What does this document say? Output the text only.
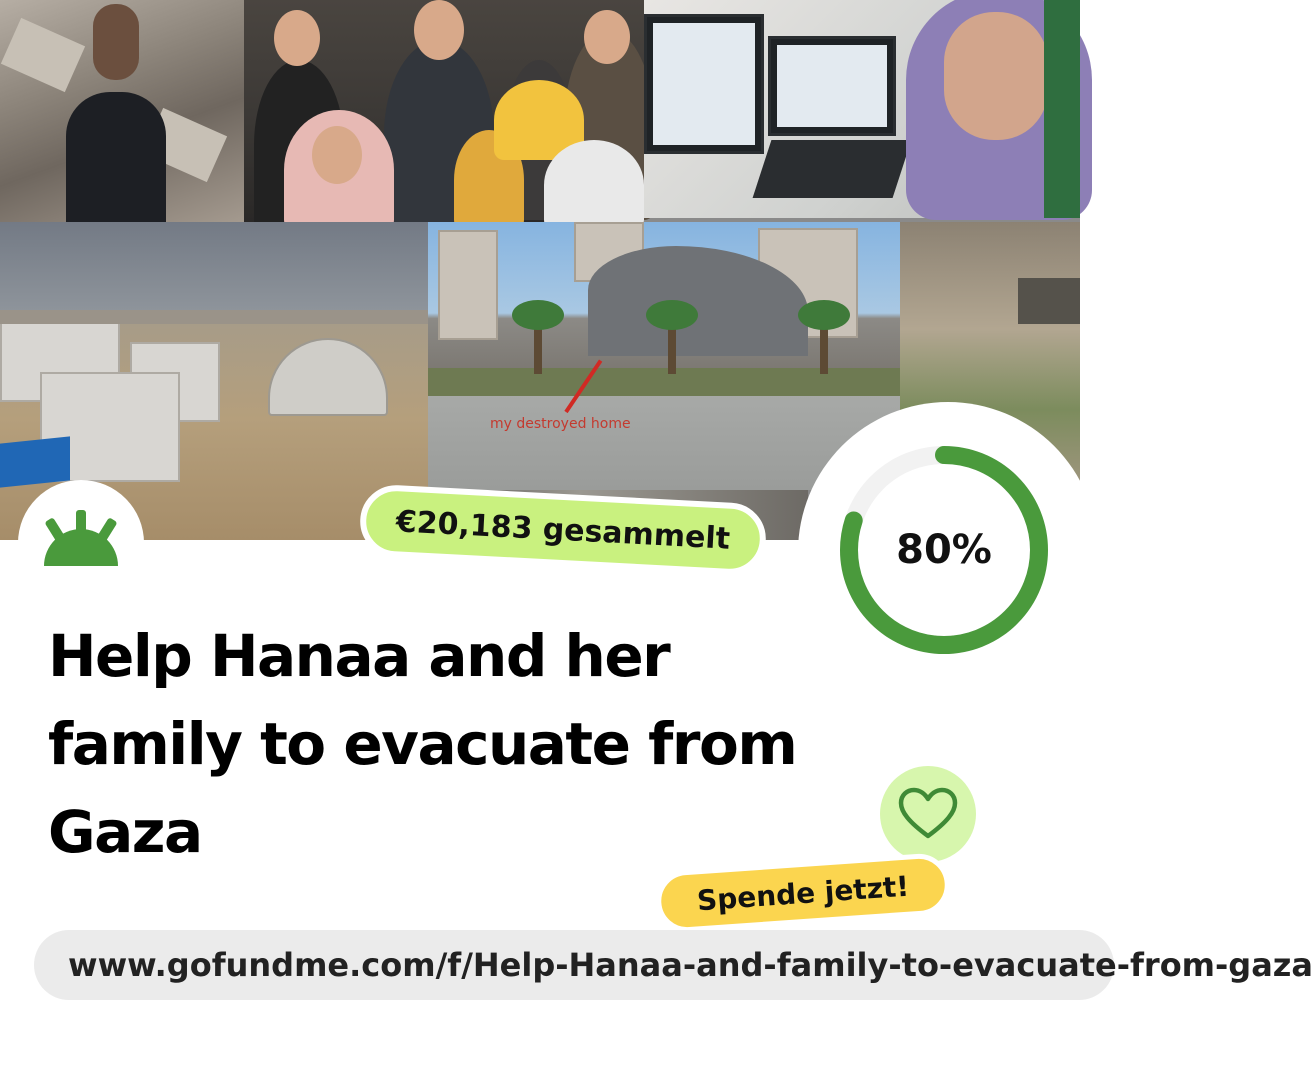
my destroyed home
80%
€20,183 gesammelt
Help Hanaa and her family to evacuate from Gaza
Spende jetzt!
www.gofundme.com/f/Help-Hanaa-and-family-to-evacuate-from-gaza
